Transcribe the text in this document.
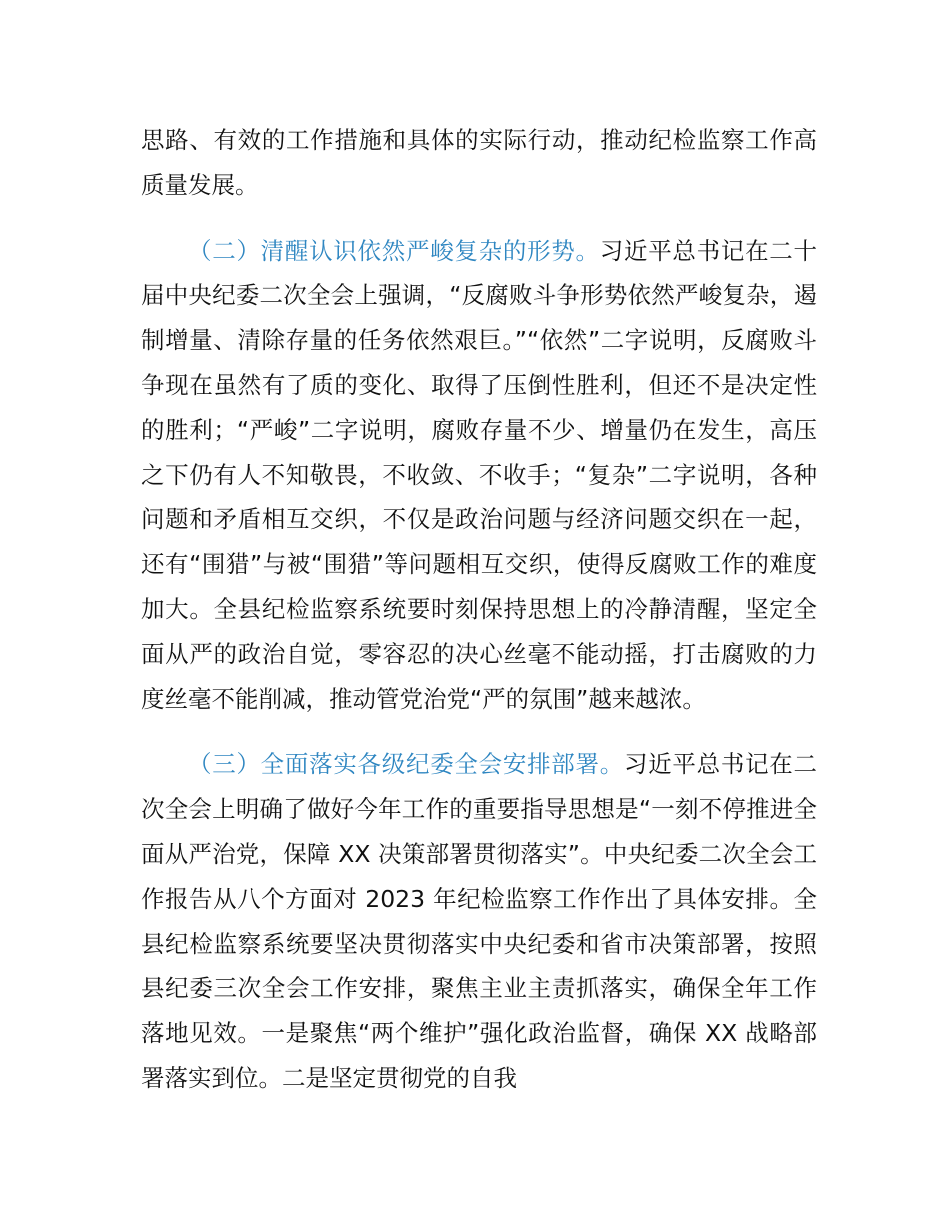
思路、有效的工作措施和具体的实际行动，推动纪检监察工作高质量发展。

（二）清醒认识依然严峻复杂的形势。习近平总书记在二十届中央纪委二次全会上强调，“反腐败斗争形势依然严峻复杂，遏制增量、清除存量的任务依然艰巨。”“依然”二字说明，反腐败斗争现在虽然有了质的变化、取得了压倒性胜利，但还不是决定性的胜利；“严峻”二字说明，腐败存量不少、增量仍在发生，高压之下仍有人不知敬畏，不收敛、不收手；“复杂”二字说明，各种问题和矛盾相互交织，不仅是政治问题与经济问题交织在一起，还有“围猎”与被“围猎”等问题相互交织，使得反腐败工作的难度加大。全县纪检监察系统要时刻保持思想上的冷静清醒，坚定全面从严的政治自觉，零容忍的决心丝毫不能动摇，打击腐败的力度丝毫不能削减，推动管党治党“严的氛围”越来越浓。

（三）全面落实各级纪委全会安排部署。习近平总书记在二次全会上明确了做好今年工作的重要指导思想是“一刻不停推进全面从严治党，保障 XX 决策部署贯彻落实”。中央纪委二次全会工作报告从八个方面对 2023 年纪检监察工作作出了具体安排。全县纪检监察系统要坚决贯彻落实中央纪委和省市决策部署，按照县纪委三次全会工作安排，聚焦主业主责抓落实，确保全年工作落地见效。一是聚焦“两个维护”强化政治监督，确保 XX 战略部署落实到位。二是坚定贯彻党的自我
